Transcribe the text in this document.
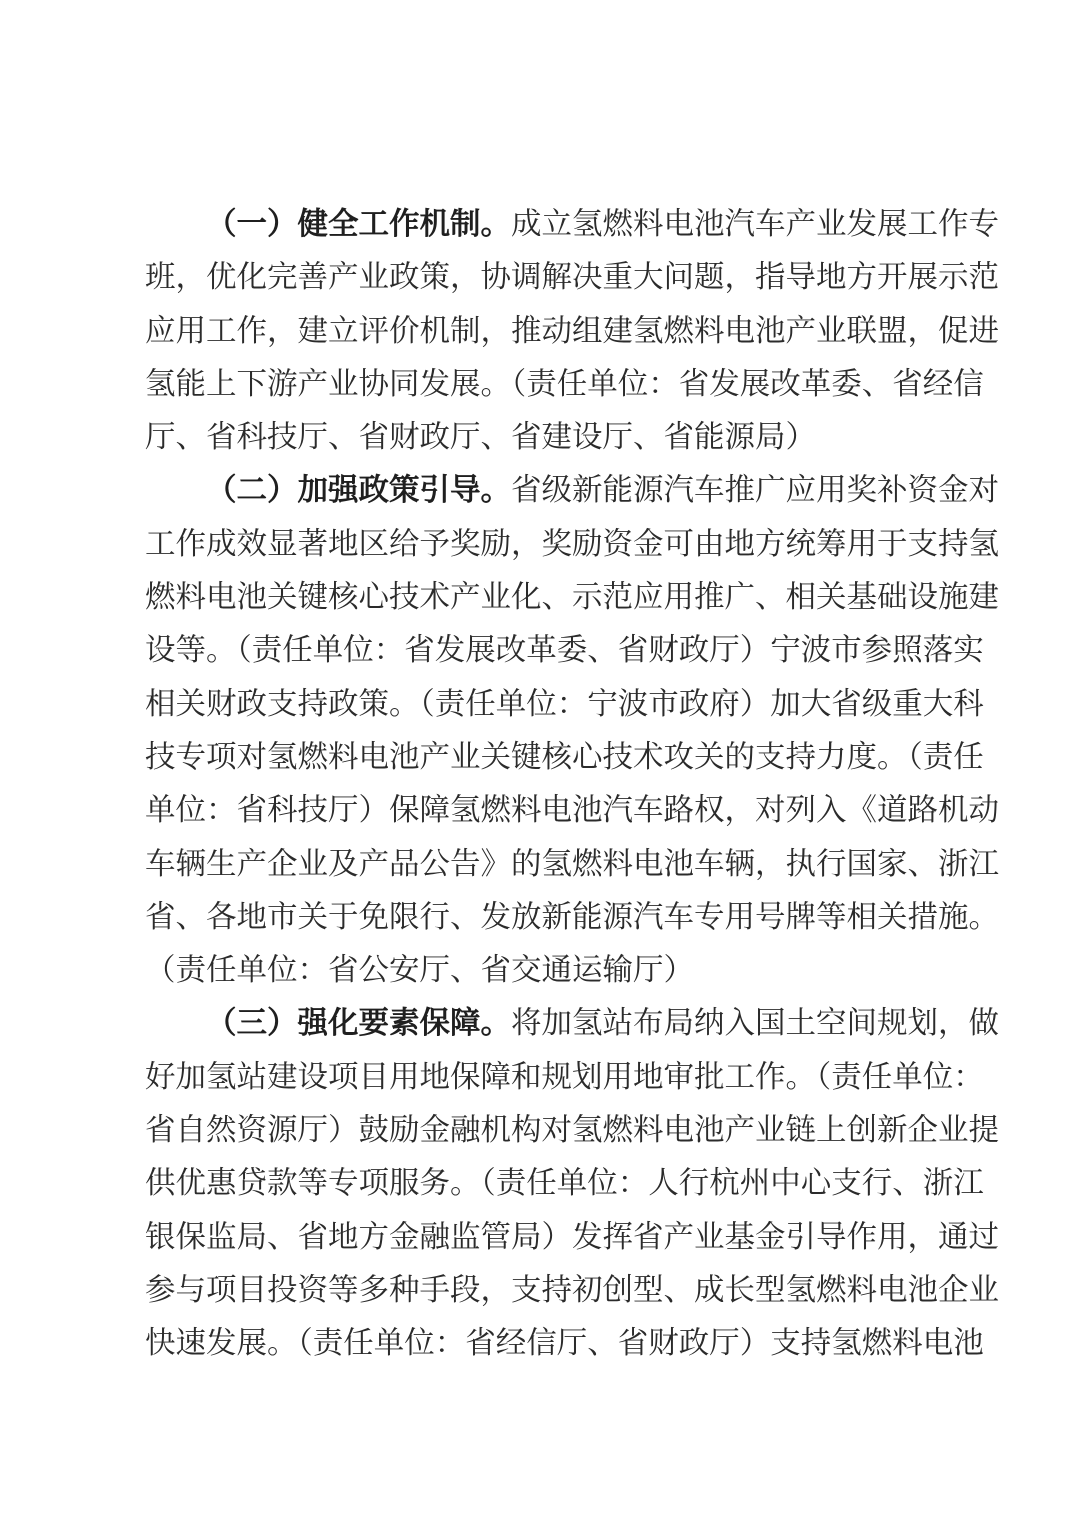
（一）健全工作机制。成立氢燃料电池汽车产业发展工作专
班，优化完善产业政策，协调解决重大问题，指导地方开展示范
应用工作，建立评价机制，推动组建氢燃料电池产业联盟，促进
氢能上下游产业协同发展。（责任单位：省发展改革委、省经信
厅、省科技厅、省财政厅、省建设厅、省能源局）
（二）加强政策引导。省级新能源汽车推广应用奖补资金对
工作成效显著地区给予奖励，奖励资金可由地方统筹用于支持氢
燃料电池关键核心技术产业化、示范应用推广、相关基础设施建
设等。（责任单位：省发展改革委、省财政厅）宁波市参照落实
相关财政支持政策。（责任单位：宁波市政府）加大省级重大科
技专项对氢燃料电池产业关键核心技术攻关的支持力度。（责任
单位：省科技厅）保障氢燃料电池汽车路权，对列入《道路机动
车辆生产企业及产品公告》的氢燃料电池车辆，执行国家、浙江
省、各地市关于免限行、发放新能源汽车专用号牌等相关措施。
（责任单位：省公安厅、省交通运输厅）
（三）强化要素保障。将加氢站布局纳入国土空间规划，做
好加氢站建设项目用地保障和规划用地审批工作。（责任单位：
省自然资源厅）鼓励金融机构对氢燃料电池产业链上创新企业提
供优惠贷款等专项服务。（责任单位：人行杭州中心支行、浙江
银保监局、省地方金融监管局）发挥省产业基金引导作用，通过
参与项目投资等多种手段，支持初创型、成长型氢燃料电池企业
快速发展。（责任单位：省经信厅、省财政厅）支持氢燃料电池
